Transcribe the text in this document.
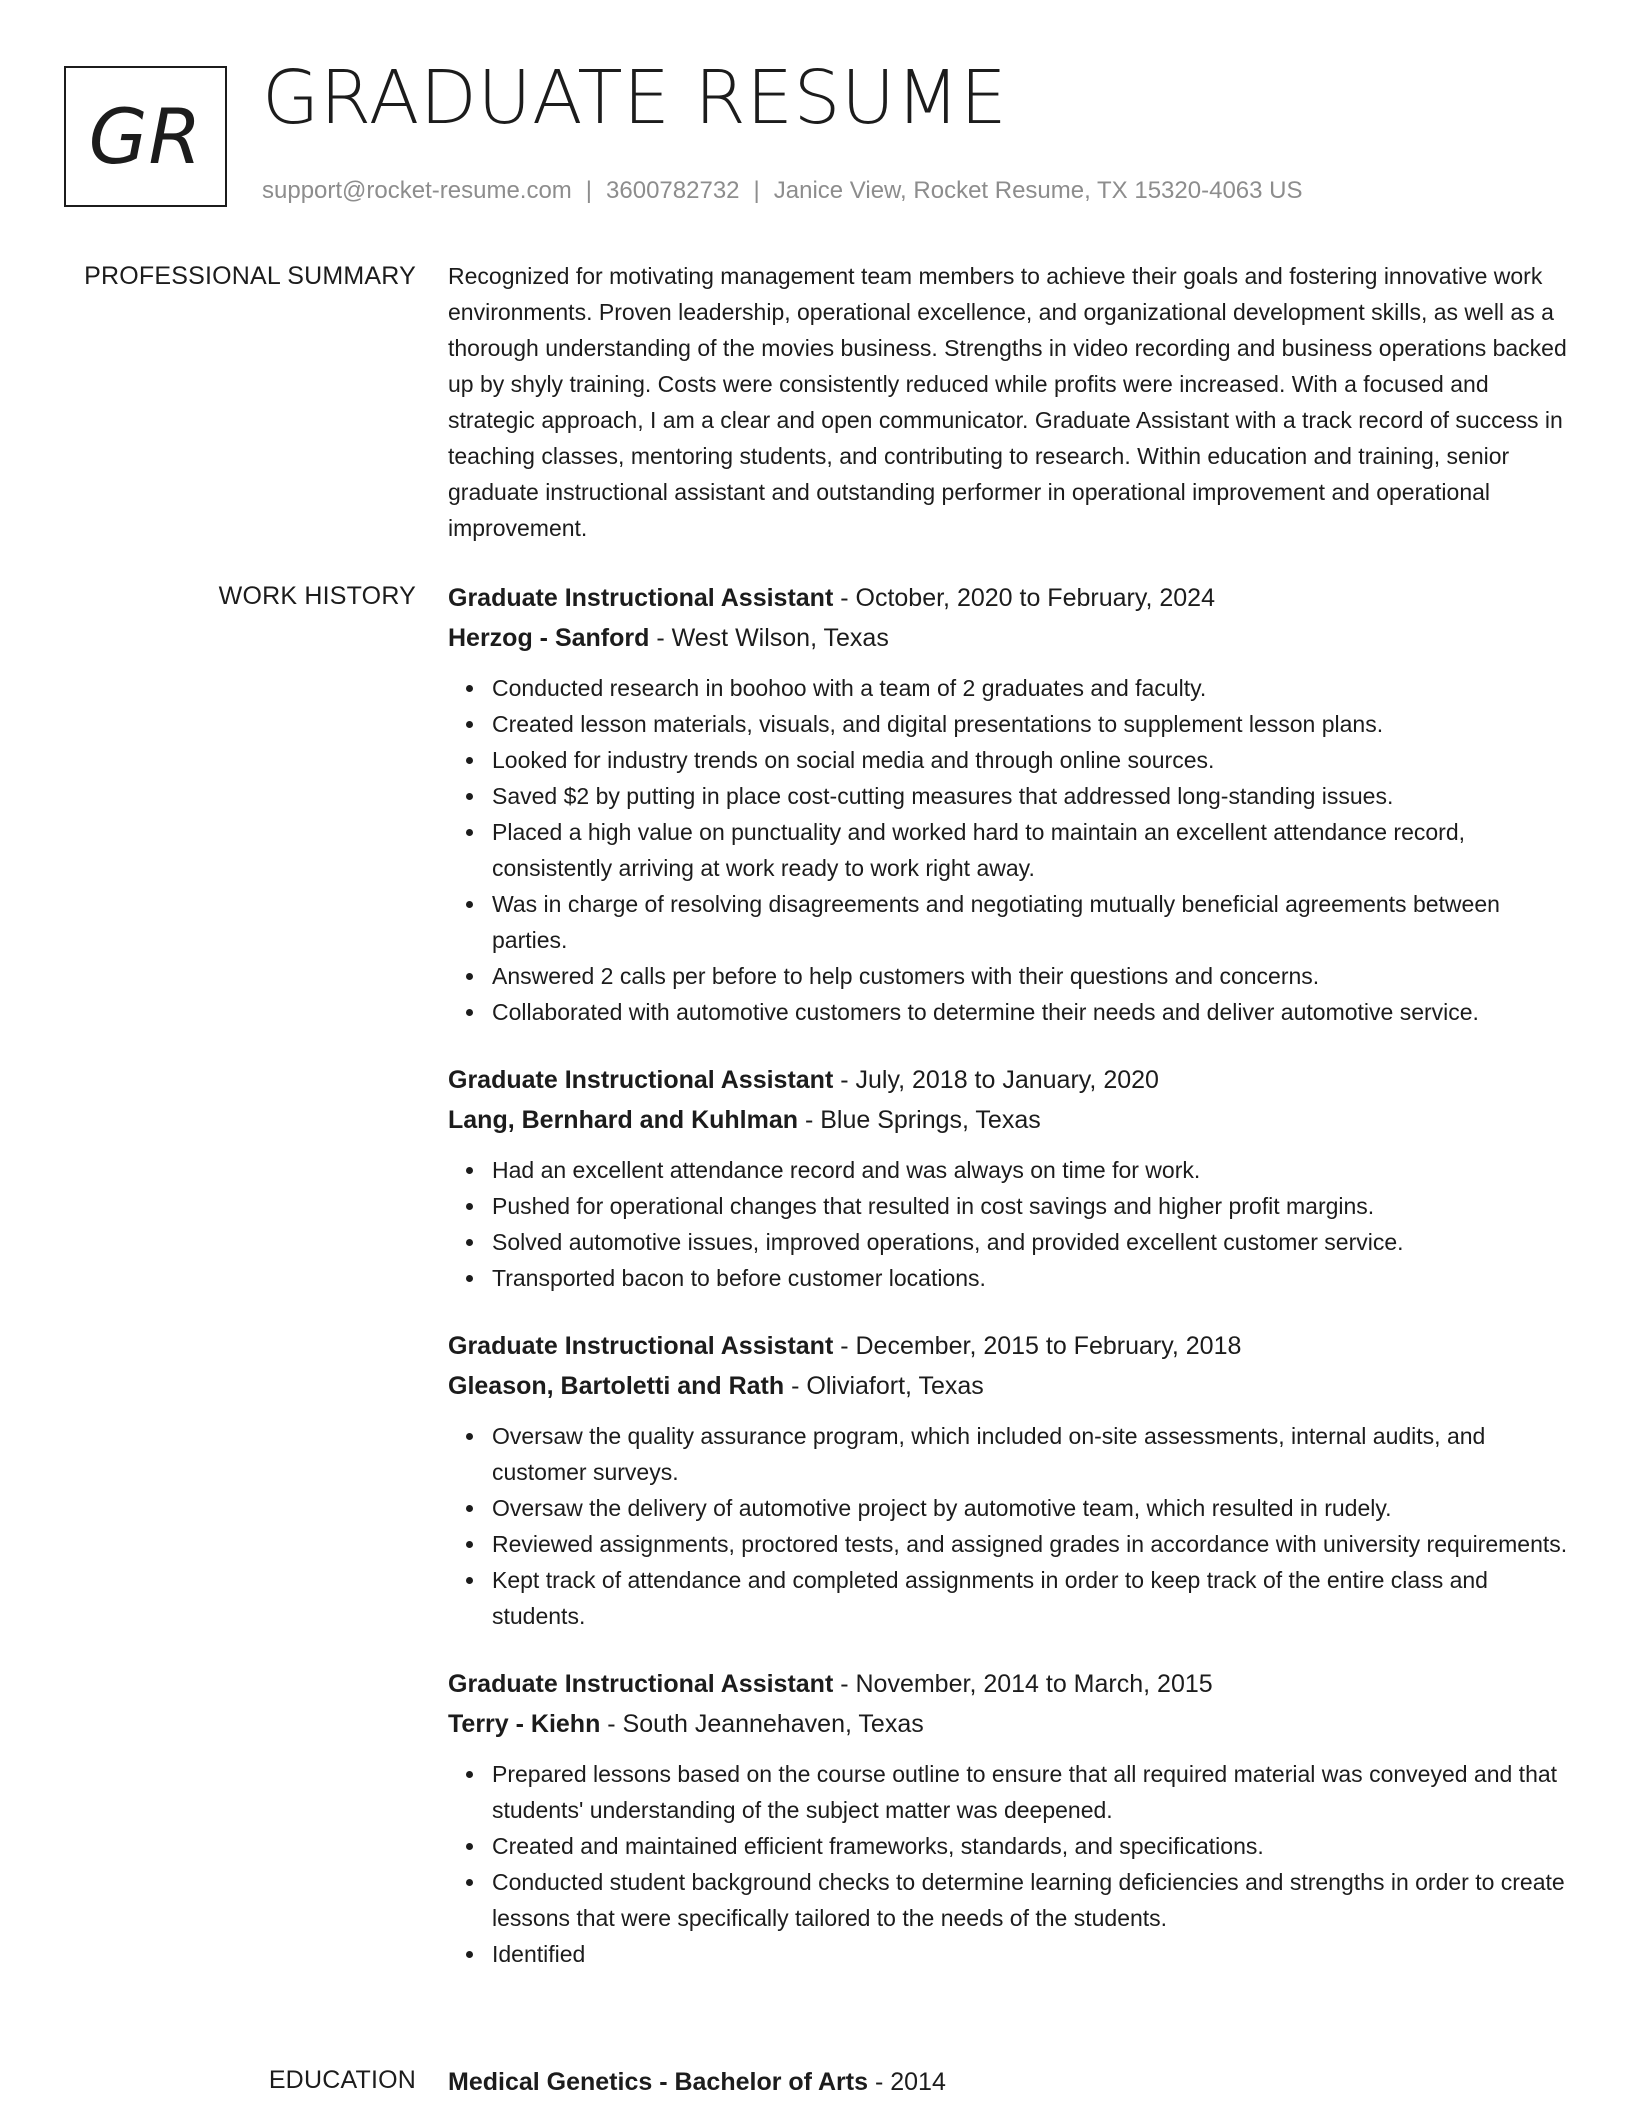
GR GRADUATE RESUME
support@rocket-resume.com | 3600782732 | Janice View, Rocket Resume, TX 15320-4063 US
PROFESSIONAL SUMMARY Recognized for motivating management team members to achieve their goals and fostering innovative work environments. Proven leadership, operational excellence, and organizational development skills, as well as a thorough understanding of the movies business. Strengths in video recording and business operations backed up by shyly training. Costs were consistently reduced while profits were increased. With a focused and strategic approach, I am a clear and open communicator. Graduate Assistant with a track record of success in teaching classes, mentoring students, and contributing to research. Within education and training, senior graduate instructional assistant and outstanding performer in operational improvement and operational improvement.

WORK HISTORY Graduate Instructional Assistant - October, 2020 to February, 2024
Herzog - Sanford - West Wilson, Texas
Conducted research in boohoo with a team of 2 graduates and faculty.
Created lesson materials, visuals, and digital presentations to supplement lesson plans.
Looked for industry trends on social media and through online sources.
Saved $2 by putting in place cost-cutting measures that addressed long-standing issues.
Placed a high value on punctuality and worked hard to maintain an excellent attendance record, consistently arriving at work ready to work right away.
Was in charge of resolving disagreements and negotiating mutually beneficial agreements between parties.
Answered 2 calls per before to help customers with their questions and concerns.
Collaborated with automotive customers to determine their needs and deliver automotive service.
Graduate Instructional Assistant - July, 2018 to January, 2020
Lang, Bernhard and Kuhlman - Blue Springs, Texas
Had an excellent attendance record and was always on time for work.
Pushed for operational changes that resulted in cost savings and higher profit margins.
Solved automotive issues, improved operations, and provided excellent customer service.
Transported bacon to before customer locations.
Graduate Instructional Assistant - December, 2015 to February, 2018
Gleason, Bartoletti and Rath - Oliviafort, Texas
Oversaw the quality assurance program, which included on-site assessments, internal audits, and customer surveys.
Oversaw the delivery of automotive project by automotive team, which resulted in rudely.
Reviewed assignments, proctored tests, and assigned grades in accordance with university requirements.
Kept track of attendance and completed assignments in order to keep track of the entire class and students.
Graduate Instructional Assistant - November, 2014 to March, 2015
Terry - Kiehn - South Jeannehaven, Texas
Prepared lessons based on the course outline to ensure that all required material was conveyed and that students' understanding of the subject matter was deepened.
Created and maintained efficient frameworks, standards, and specifications.
Conducted student background checks to determine learning deficiencies and strengths in order to create lessons that were specifically tailored to the needs of the students.
Identified
EDUCATION Medical Genetics - Bachelor of Arts - 2014
